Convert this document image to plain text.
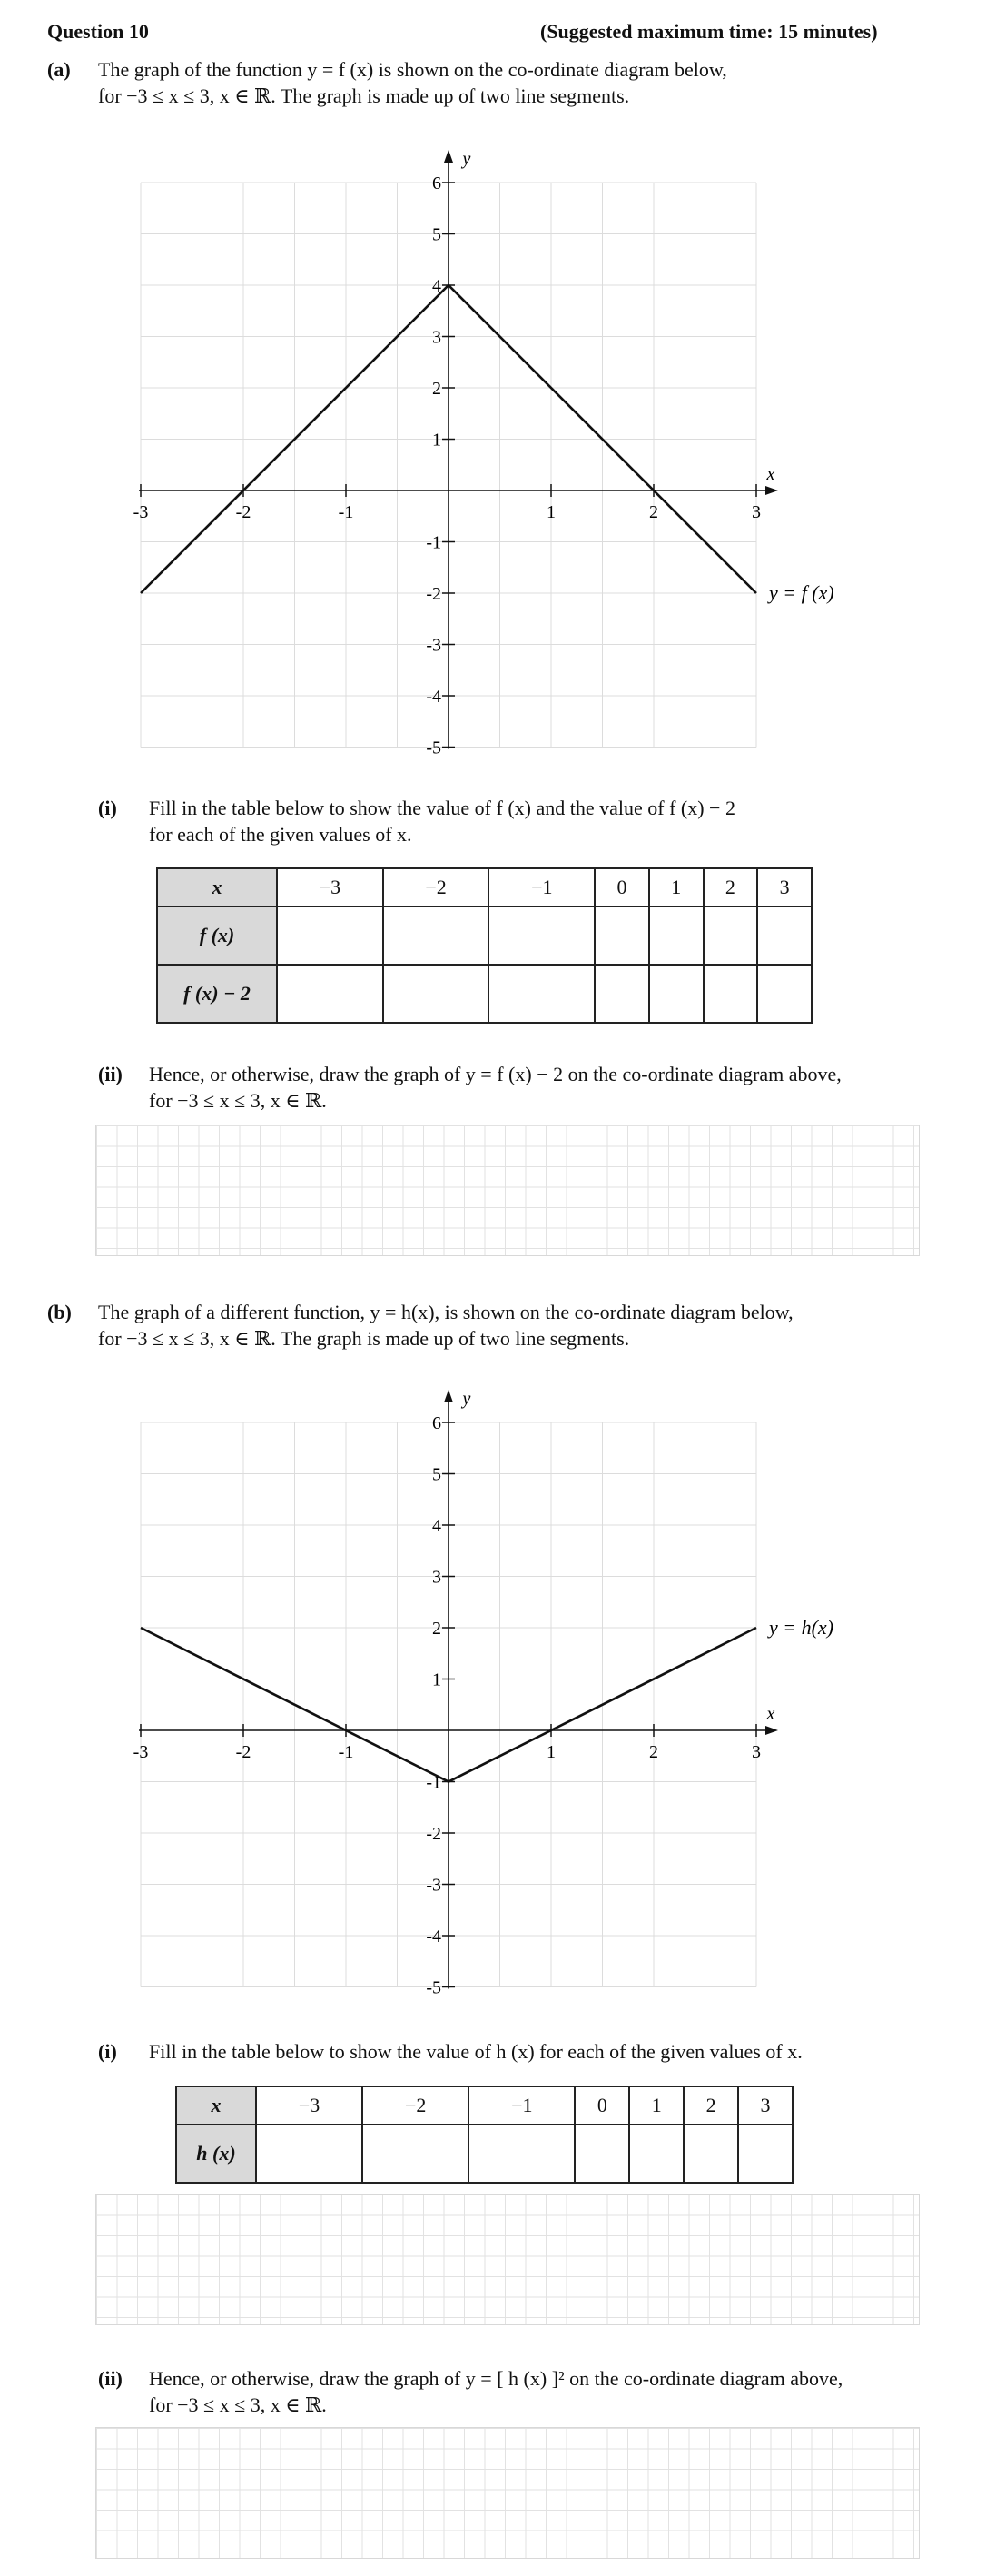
Question 10	(Suggested maximum time: 15 minutes)
(a) The graph of the function y = f (x) is shown on the co-ordinate diagram below,
for −3 ≤ x ≤ 3, x ∈ ℝ. The graph is made up of two line segments.
x
y
-3	-2	-1	1	2	3
6
5
4
3
2
1
-1
-2
-3
-4
-5
y = f (x)
(i) Fill in the table below to show the value of f (x) and the value of f (x) − 2
for each of the given values of x.
x	−3	−2	−1	0	1	2	3
f (x)							
f (x) − 2							
(ii) Hence, or otherwise, draw the graph of y = f (x) − 2 on the co-ordinate diagram above,
for −3 ≤ x ≤ 3, x ∈ ℝ.
(b) The graph of a different function, y = h(x), is shown on the co-ordinate diagram below,
for −3 ≤ x ≤ 3, x ∈ ℝ. The graph is made up of two line segments.
x
y
-3	-2	-1	1	2	3
6
5
4
3
2
1
-1
-2
-3
-4
-5
y = h(x)
(i) Fill in the table below to show the value of h (x) for each of the given values of x.
x	−3	−2	−1	0	1	2	3
h (x)							
(ii) Hence, or otherwise, draw the graph of y = [ h (x) ]² on the co-ordinate diagram above,
for −3 ≤ x ≤ 3, x ∈ ℝ.
